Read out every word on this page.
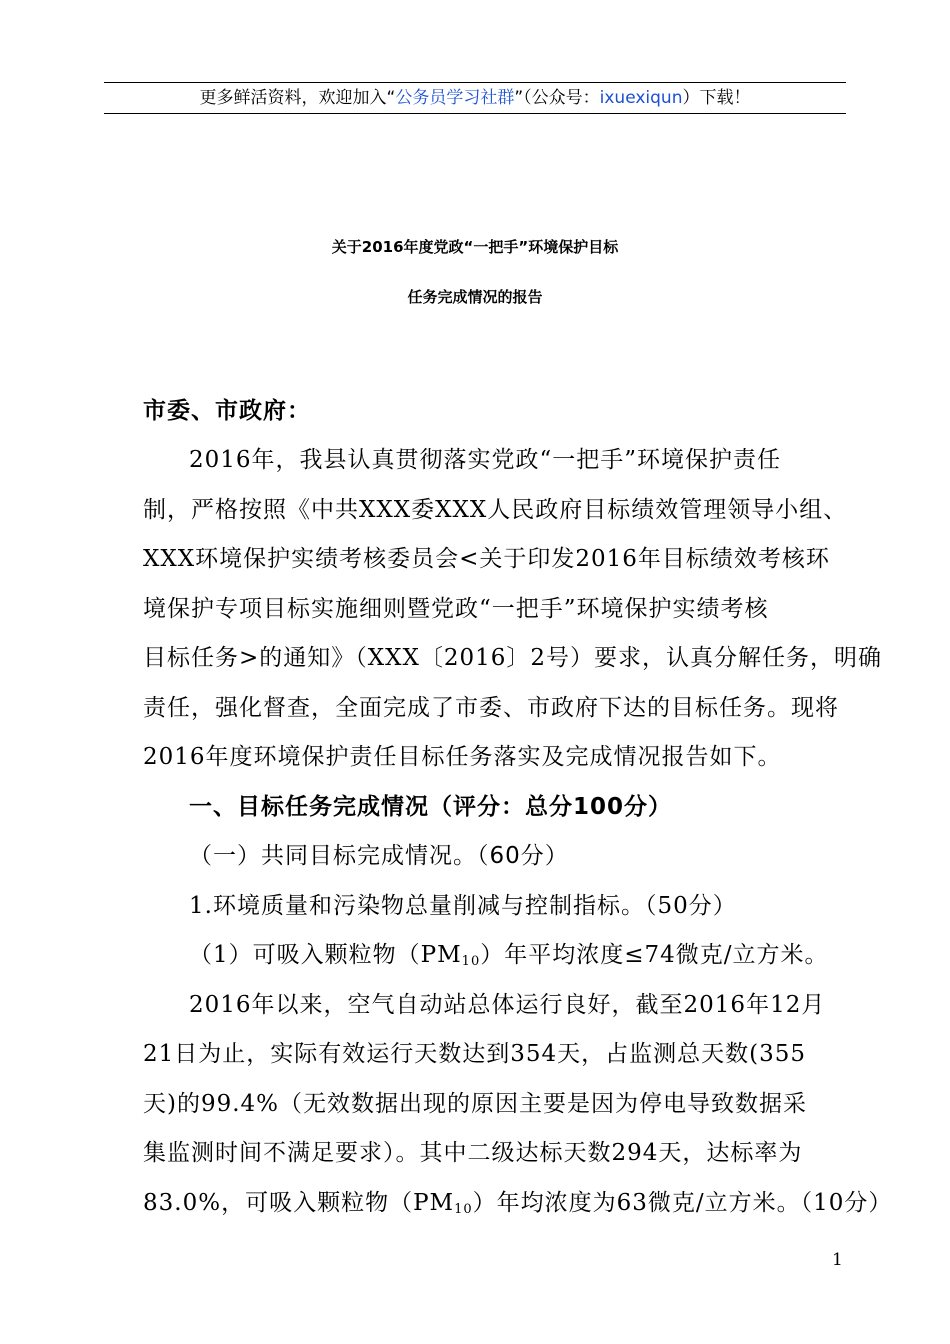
更多鲜活资料，欢迎加入“公务员学习社群”（公众号：ixuexiqun）下载！
关于2016年度党政“一把手”环境保护目标
任务完成情况的报告
市委、市政府：
2016年，我县认真贯彻落实党政“一把手”环境保护责任
制，严格按照《中共XXX委XXX人民政府目标绩效管理领导小组、
XXX环境保护实绩考核委员会<关于印发2016年目标绩效考核环
境保护专项目标实施细则暨党政“一把手”环境保护实绩考核
目标任务>的通知》（XXX〔2016〕2号）要求，认真分解任务，明确
责任，强化督查，全面完成了市委、市政府下达的目标任务。现将
2016年度环境保护责任目标任务落实及完成情况报告如下。
一、目标任务完成情况（评分：总分100分）
（一）共同目标完成情况。（60分）
1.环境质量和污染物总量削减与控制指标。（50分）
（1）可吸入颗粒物$(PM_{10})$年平均浓度≤74微克/立方米。
2016年以来，空气自动站总体运行良好，截至2016年12月
21日为止，实际有效运行天数达到354天，占监测总天数(355
天)的99.4%（无效数据出现的原因主要是因为停电导致数据采
集监测时间不满足要求）。其中二级达标天数294天，达标率为
83.0%，可吸入颗粒物$(PM_{10})$年均浓度为63微克/立方米。（10分）
1
